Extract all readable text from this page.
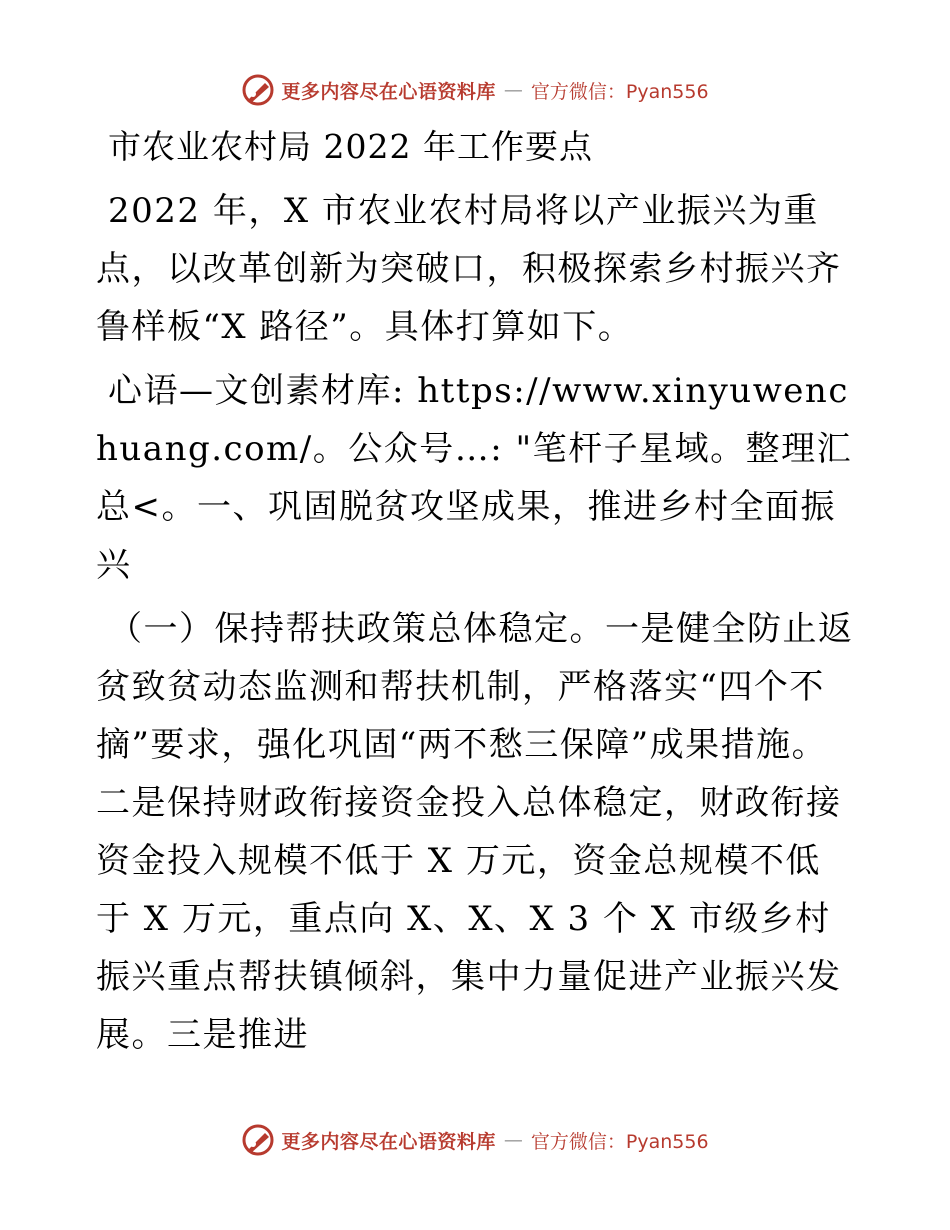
更多内容尽在心语资料库 — 官方微信：Pyan556
市农业农村局 2022 年工作要点

2022 年，X 市农业农村局将以产业振兴为重点，以改革创新为突破口，积极探索乡村振兴齐鲁样板“X 路径”。具体打算如下。

心语—文创素材库: https://www.xinyuwenchuang.com/。公众号…: "笔杆子星域。整理汇总<。一、巩固脱贫攻坚成果，推进乡村全面振兴

（一）保持帮扶政策总体稳定。一是健全防止返贫致贫动态监测和帮扶机制，严格落实“四个不摘”要求，强化巩固“两不愁三保障”成果措施。二是保持财政衔接资金投入总体稳定，财政衔接资金投入规模不低于 X 万元，资金总规模不低于 X 万元，重点向 X、X、X 3 个 X 市级乡村振兴重点帮扶镇倾斜，集中力量促进产业振兴发展。三是推进

更多内容尽在心语资料库 — 官方微信：Pyan556
